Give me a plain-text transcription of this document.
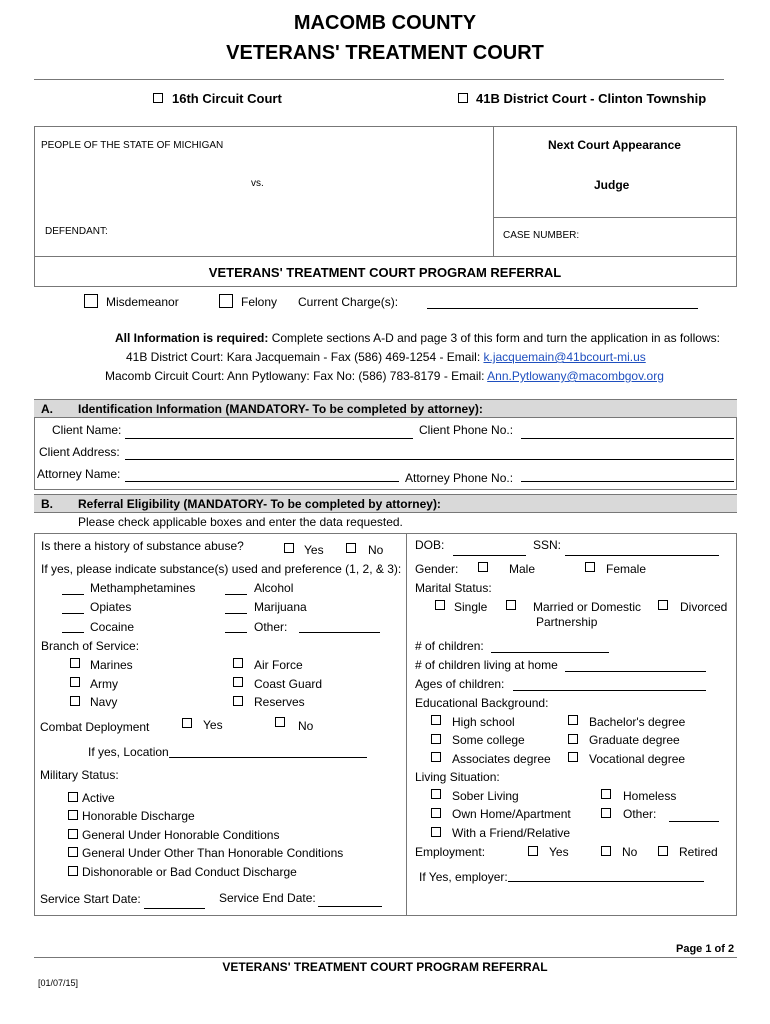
MACOMB COUNTY
VETERANS' TREATMENT COURT
16th Circuit Court	41B District Court - Clinton Township
PEOPLE OF THE STATE OF MICHIGAN
vs.
DEFENDANT:
Next Court Appearance
Judge
CASE NUMBER:
VETERANS' TREATMENT COURT PROGRAM REFERRAL
Misdemeanor	Felony Current Charge(s):
All Information is required: Complete sections A-D and page 3 of this form and turn the application in as follows:
41B District Court: Kara Jacquemain - Fax (586) 469-1254 - Email: k.jacquemain@41bcourt-mi.us
Macomb Circuit Court: Ann Pytlowany: Fax No: (586) 783-8179 - Email: Ann.Pytlowany@macombgov.org
A. Identification Information (MANDATORY- To be completed by attorney):
Client Name:	Client Phone No.:
Client Address:
Attorney Name:	Attorney Phone No.:
B. Referral Eligibility (MANDATORY- To be completed by attorney):
Please check applicable boxes and enter the data requested.
Is there a history of substance abuse?	Yes	No
If yes, please indicate substance(s) used and preference (1, 2, & 3):
Methamphetamines	Alcohol
Opiates	Marijuana
Cocaine	Other:
Branch of Service:
Marines	Air Force
Army	Coast Guard
Navy	Reserves
Combat Deployment	Yes	No
If yes, Location
Military Status:
Active
Honorable Discharge
General Under Honorable Conditions
General Under Other Than Honorable Conditions
Dishonorable or Bad Conduct Discharge
Service Start Date:	Service End Date:
DOB:	SSN:
Gender:	Male	Female
Marital Status:
Single	Married or Domestic
Partnership
Divorced
# of children:
# of children living at home
Ages of children:
Educational Background:
High school	Bachelor's degree
Some college	Graduate degree
Associates degree	Vocational degree
Living Situation:
Sober Living	Homeless
Own Home/Apartment	Other:
With a Friend/Relative
Employment:	Yes	No	Retired
If Yes, employer:
Page 1 of 2
VETERANS' TREATMENT COURT PROGRAM REFERRAL
[01/07/15]
